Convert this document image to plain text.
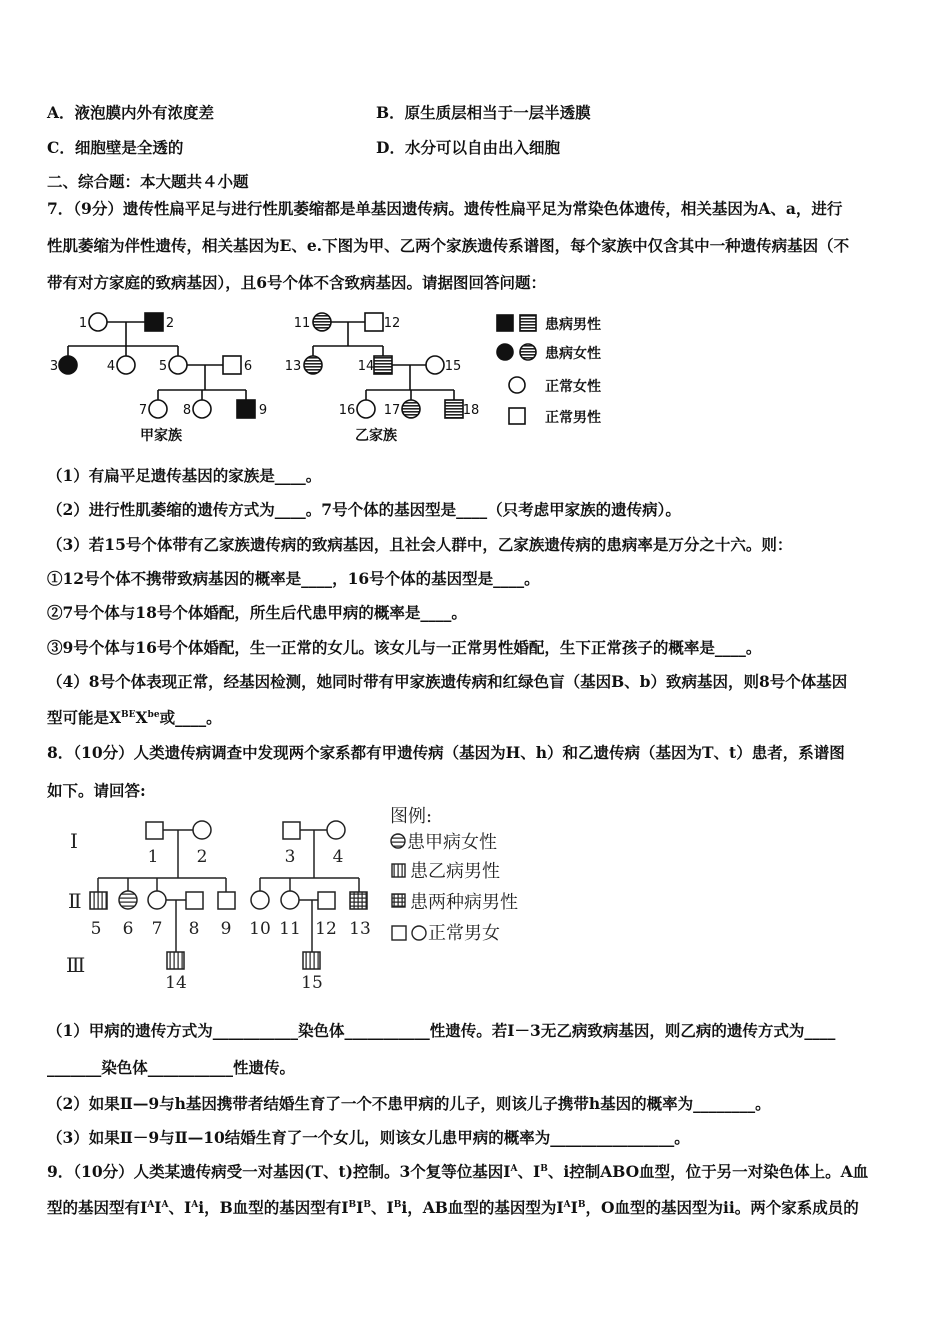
A．液泡膜内外有浓度差	B．原生质层相当于一层半透膜
C．细胞壁是全透的	D．水分可以自由出入细胞
二、综合题：本大题共４小题
7．（9分）遗传性扁平足与进行性肌萎缩都是单基因遗传病。遗传性扁平足为常染色体遗传，相关基因为A、a，进行
性肌萎缩为伴性遗传，相关基因为E、e.下图为甲、乙两个家族遗传系谱图，每个家族中仅含其中一种遗传病基因（不
带有对方家庭的致病基因），且6号个体不含致病基因。请据图回答问题：
1	2
3	4	5	6
7	8	9
11	12
13	14	15
16 17	18
甲家族	乙家族
患病男性
患病女性
正常女性
正常男性
（1）有扁平足遗传基因的家族是____。
（2）进行性肌萎缩的遗传方式为____。7号个体的基因型是____（只考虑甲家族的遗传病）。
（3）若15号个体带有乙家族遗传病的致病基因，且社会人群中，乙家族遗传病的患病率是万分之十六。则：
①12号个体不携带致病基因的概率是____，16号个体的基因型是____。
②7号个体与18号个体婚配，所生后代患甲病的概率是____。
③9号个体与16号个体婚配，生一正常的女儿。该女儿与一正常男性婚配，生下正常孩子的概率是____。
（4）8号个体表现正常，经基因检测，她同时带有甲家族遗传病和红绿色盲（基因B、b）致病基因，则8号个体基因
型可能是$X^{BE}X^{be}$或____。
8．（10分）人类遗传病调查中发现两个家系都有甲遗传病（基因为H、h）和乙遗传病（基因为T、t）患者，系谱图
如下。请回答:
Ⅰ
Ⅱ
Ⅲ
1 2	3 4
5 6 7 8 9 10 11 12 13
14	15
图例:
患甲病女性
患乙病男性
患两种病男性
正常男女
（1）甲病的遗传方式为___________染色体___________性遗传。若Ⅰ－3无乙病致病基因，则乙病的遗传方式为____
_______染色体___________性遗传。
（2）如果Ⅱ—9与h基因携带者结婚生育了一个不患甲病的儿子，则该儿子携带h基因的概率为________。
（3）如果Ⅱ－9与Ⅱ—10结婚生育了一个女儿，则该女儿患甲病的概率为________________。
9．（10分）人类某遗传病受一对基因(T、t)控制。3个复等位基因$I^A$、$I^B$、i控制ABO血型，位于另一对染色体上。A血
型的基因型有$I^AI^A$、$I^Ai$，B血型的基因型有$I^BI^B$、$I^Bi$，AB血型的基因型为$I^AI^B$，O血型的基因型为ii。两个家系成员的
